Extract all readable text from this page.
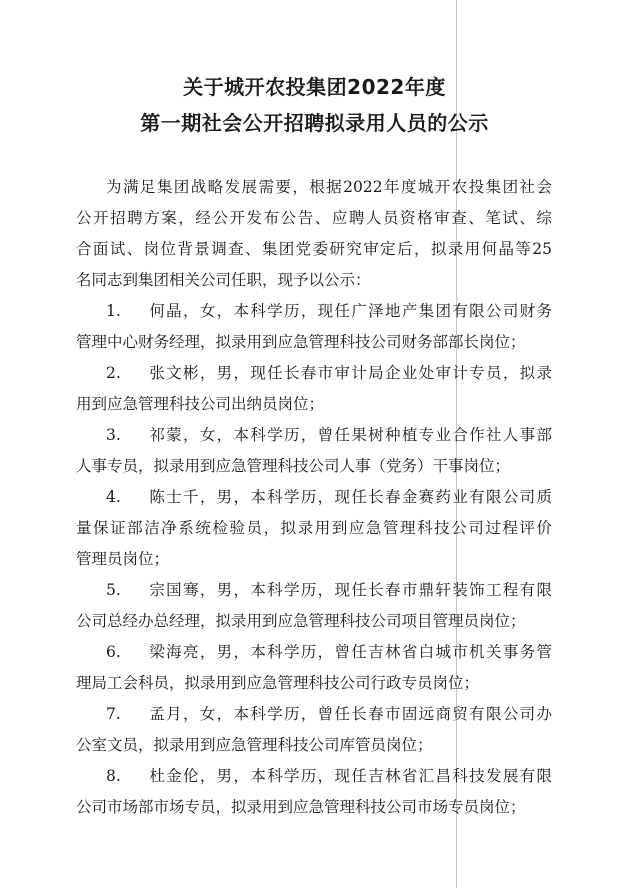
关于城开农投集团2022年度
第一期社会公开招聘拟录用人员的公示
为满足集团战略发展需要，根据2022年度城开农投集团社会
公开招聘方案，经公开发布公告、应聘人员资格审查、笔试、综
合面试、岗位背景调查、集团党委研究审定后，拟录用何晶等25
名同志到集团相关公司任职，现予以公示：
1. 何晶，女，本科学历，现任广泽地产集团有限公司财务
管理中心财务经理，拟录用到应急管理科技公司财务部部长岗位；
2. 张文彬，男，现任长春市审计局企业处审计专员，拟录
用到应急管理科技公司出纳员岗位；
3. 祁蒙，女，本科学历，曾任果树种植专业合作社人事部
人事专员，拟录用到应急管理科技公司人事（党务）干事岗位；
4. 陈士千，男，本科学历，现任长春金赛药业有限公司质
量保证部洁净系统检验员，拟录用到应急管理科技公司过程评价
管理员岗位；
5. 宗国骞，男，本科学历，现任长春市鼎轩装饰工程有限
公司总经办总经理，拟录用到应急管理科技公司项目管理员岗位；
6. 梁海亮，男，本科学历，曾任吉林省白城市机关事务管
理局工会科员，拟录用到应急管理科技公司行政专员岗位；
7. 孟月，女，本科学历，曾任长春市固远商贸有限公司办
公室文员，拟录用到应急管理科技公司库管员岗位；
8. 杜金伦，男，本科学历，现任吉林省汇昌科技发展有限
公司市场部市场专员，拟录用到应急管理科技公司市场专员岗位；
